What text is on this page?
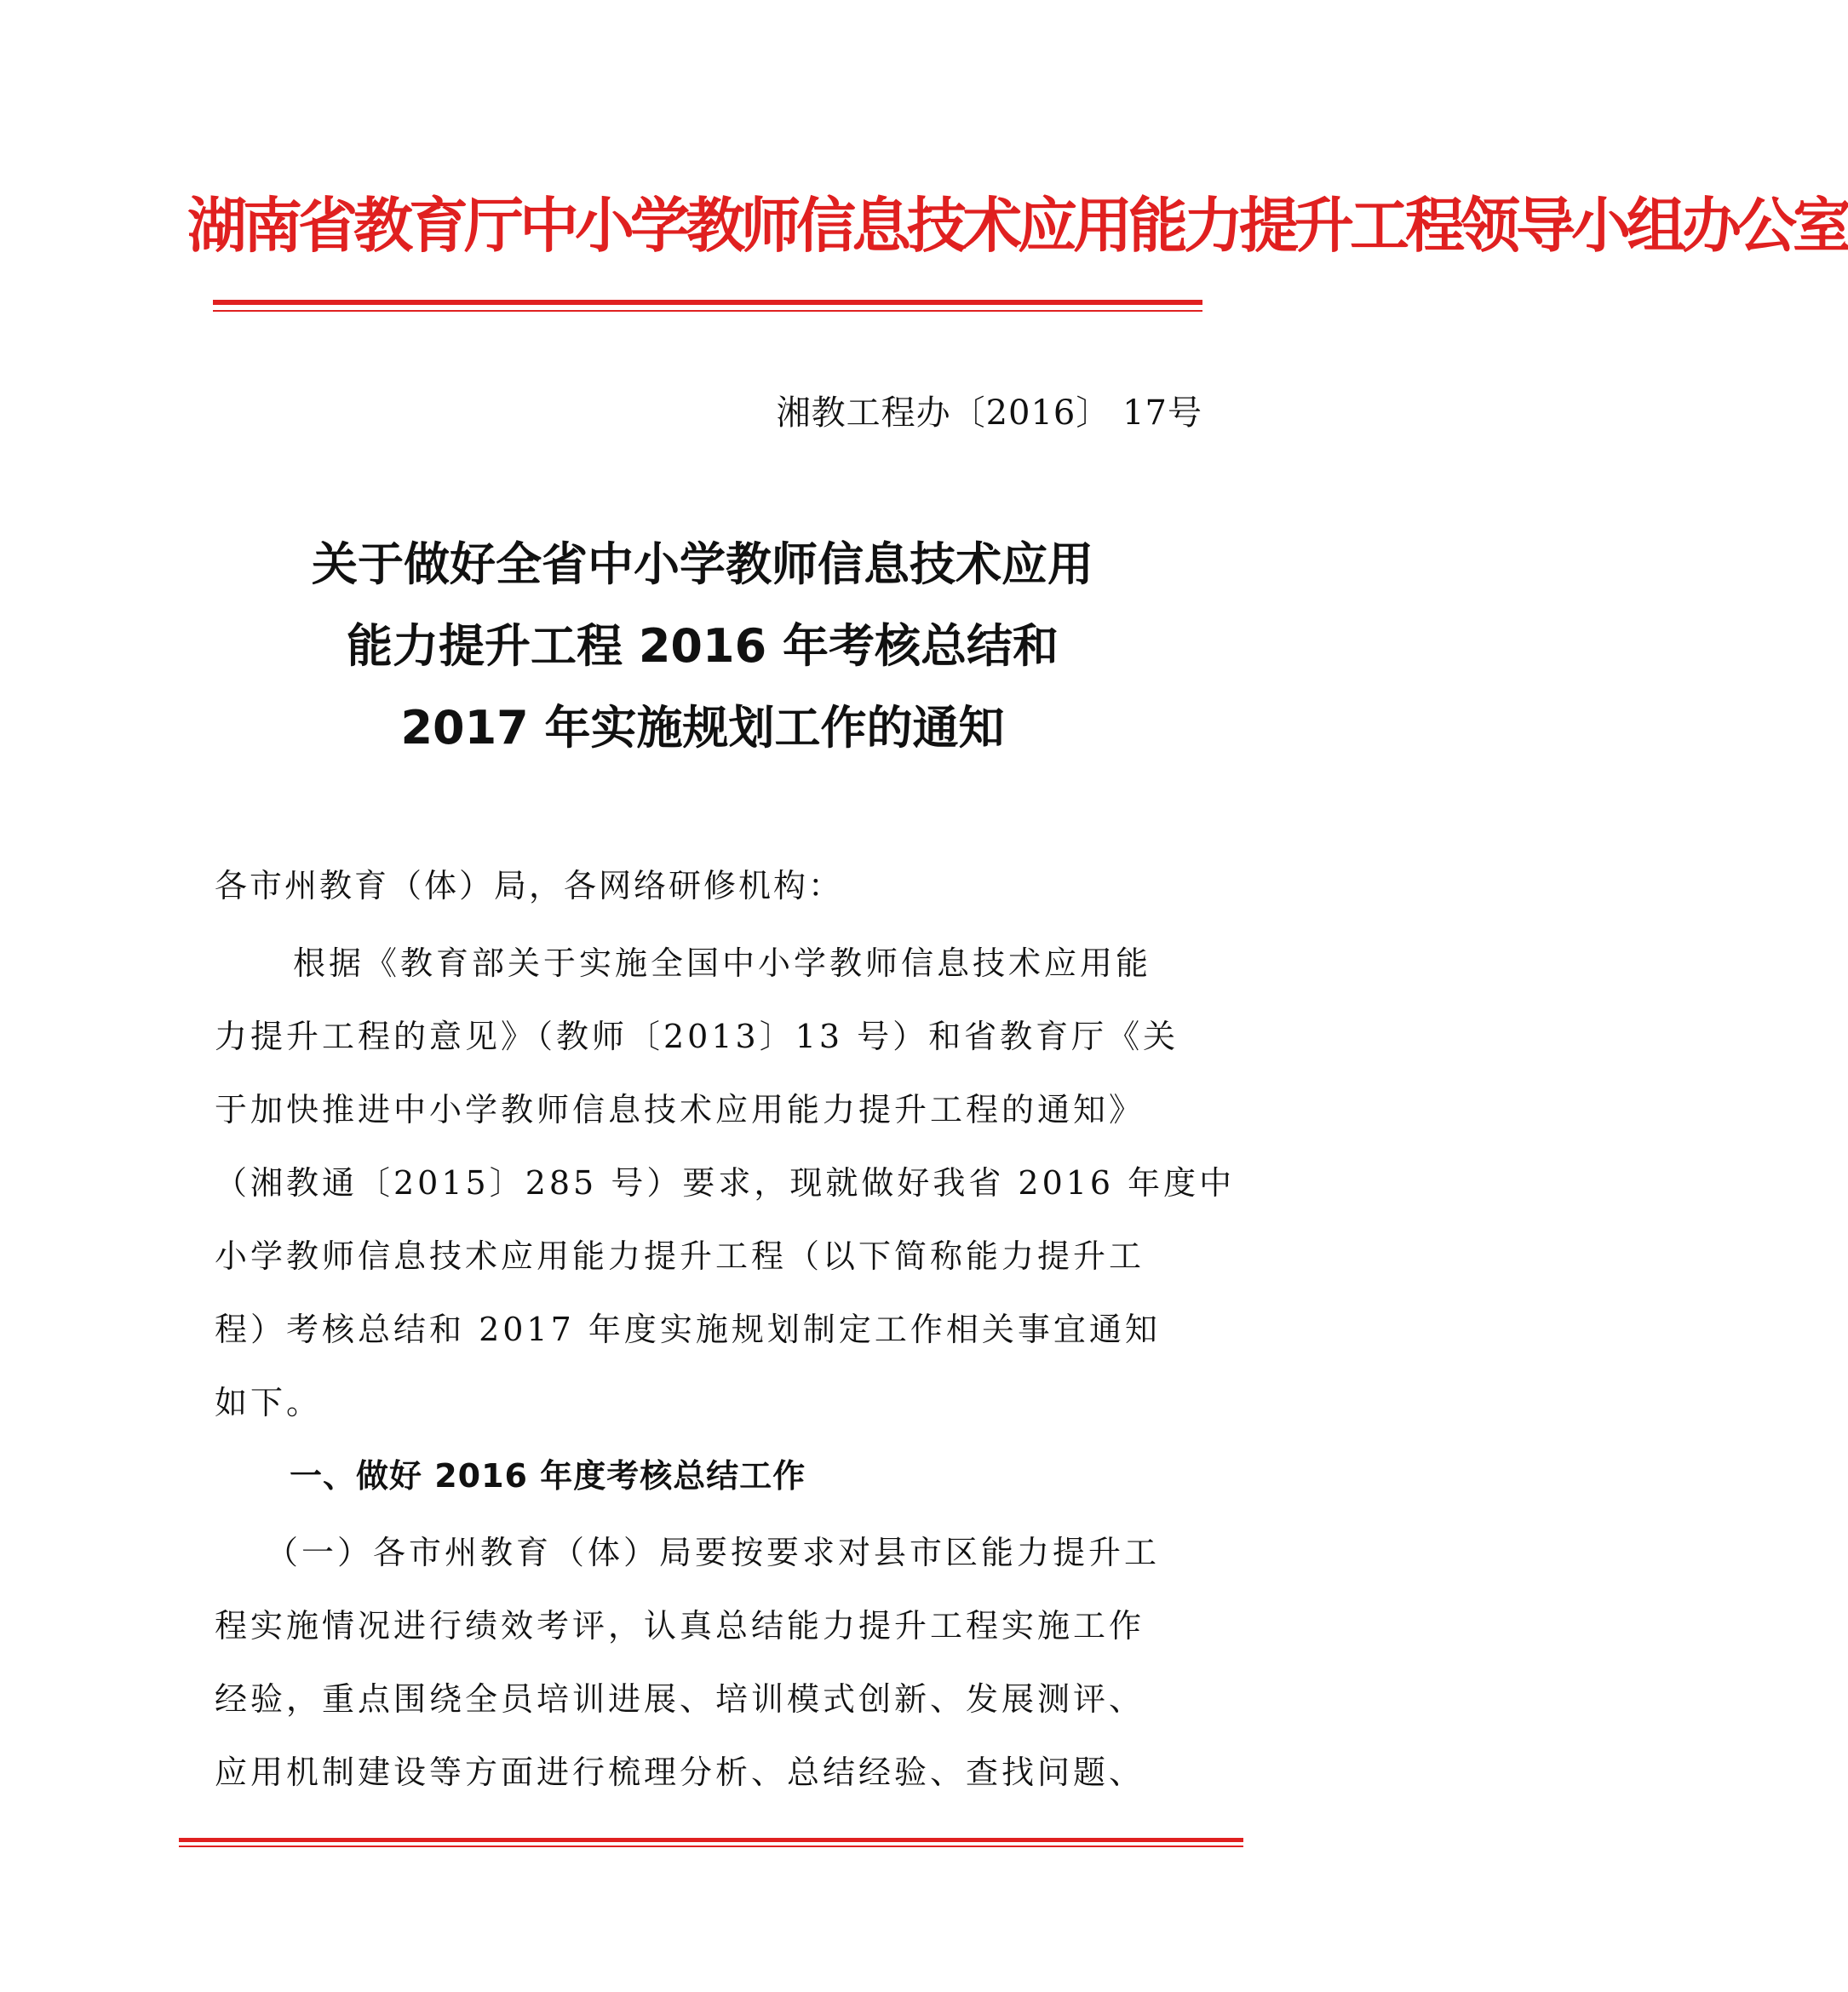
湖南省教育厅中小学教师信息技术应用能力提升工程领导小组办公室
湘教工程办〔2016〕 17号
关于做好全省中小学教师信息技术应用
能力提升工程 2016 年考核总结和
2017 年实施规划工作的通知
各市州教育（体）局，各网络研修机构：
根据《教育部关于实施全国中小学教师信息技术应用能
力提升工程的意见》（教师〔2013〕13 号）和省教育厅《关
于加快推进中小学教师信息技术应用能力提升工程的通知》
（湘教通〔2015〕285 号）要求，现就做好我省 2016 年度中
小学教师信息技术应用能力提升工程（以下简称能力提升工
程）考核总结和 2017 年度实施规划制定工作相关事宜通知
如下。
一、做好 2016 年度考核总结工作
（一）各市州教育（体）局要按要求对县市区能力提升工
程实施情况进行绩效考评，认真总结能力提升工程实施工作
经验，重点围绕全员培训进展、培训模式创新、发展测评、
应用机制建设等方面进行梳理分析、总结经验、查找问题、
